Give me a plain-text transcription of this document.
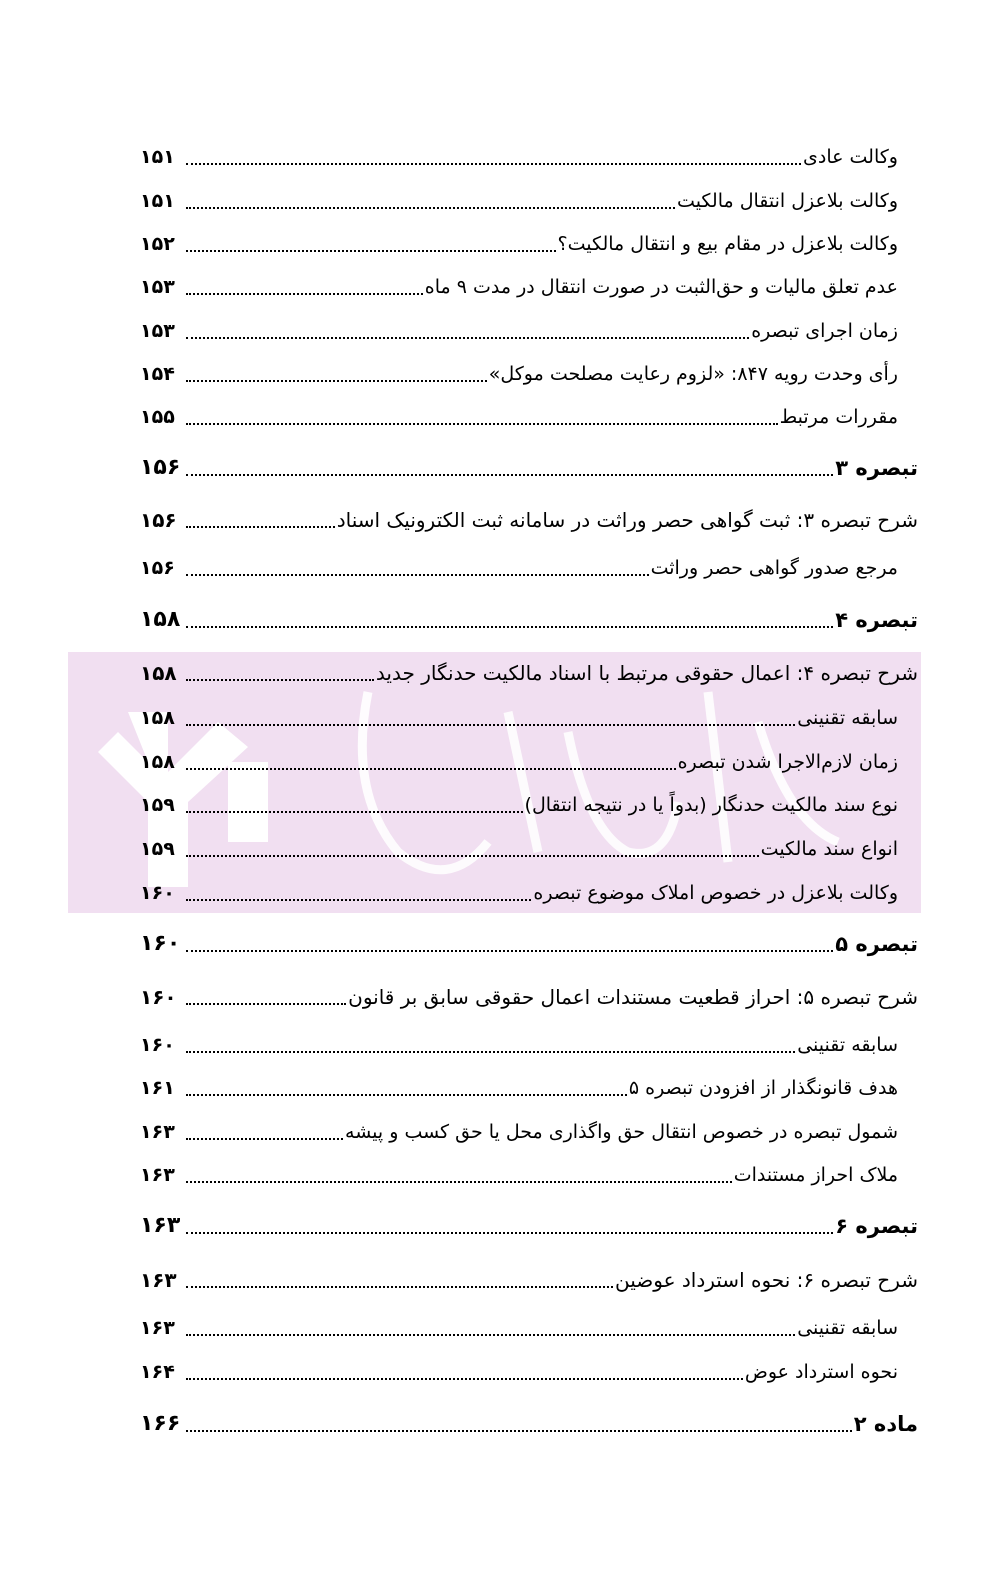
وکالت عادی
۱۵۱
وکالت بلاعزل انتقال مالکیت
۱۵۱
وکالت بلاعزل در مقام بیع و انتقال مالکیت؟
۱۵۲
عدم تعلق مالیات و حق‌الثبت در صورت انتقال در مدت ۹ ماه
۱۵۳
زمان اجرای تبصره
۱۵۳
رأی وحدت رویه ۸۴۷: «لزوم رعایت مصلحت موکل»
۱۵۴
مقررات مرتبط
۱۵۵
تبصره ۳
۱۵۶
شرح تبصره ۳: ثبت گواهی حصر وراثت در سامانه ثبت الکترونیک اسناد
۱۵۶
مرجع صدور گواهی حصر وراثت
۱۵۶
تبصره ۴
۱۵۸
شرح تبصره ۴: اعمال حقوقی مرتبط با اسناد مالکیت حدنگار جدید
۱۵۸
سابقه تقنینی
۱۵۸
زمان لازم‌الاجرا شدن تبصره
۱۵۸
نوع سند مالکیت حدنگار (بدواً یا در نتیجه انتقال)
۱۵۹
انواع سند مالکیت
۱۵۹
وکالت بلاعزل در خصوص املاک موضوع تبصره
۱۶۰
تبصره ۵
۱۶۰
شرح تبصره ۵: احراز قطعیت مستندات اعمال حقوقی سابق بر قانون
۱۶۰
سابقه تقنینی
۱۶۰
هدف قانونگذار از افزودن تبصره ۵
۱۶۱
شمول تبصره در خصوص انتقال حق واگذاری محل یا حق کسب و پیشه
۱۶۳
ملاک احراز مستندات
۱۶۳
تبصره ۶
۱۶۳
شرح تبصره ۶: نحوه استرداد عوضین
۱۶۳
سابقه تقنینی
۱۶۳
نحوه استرداد عوض
۱۶۴
ماده ۲
۱۶۶
